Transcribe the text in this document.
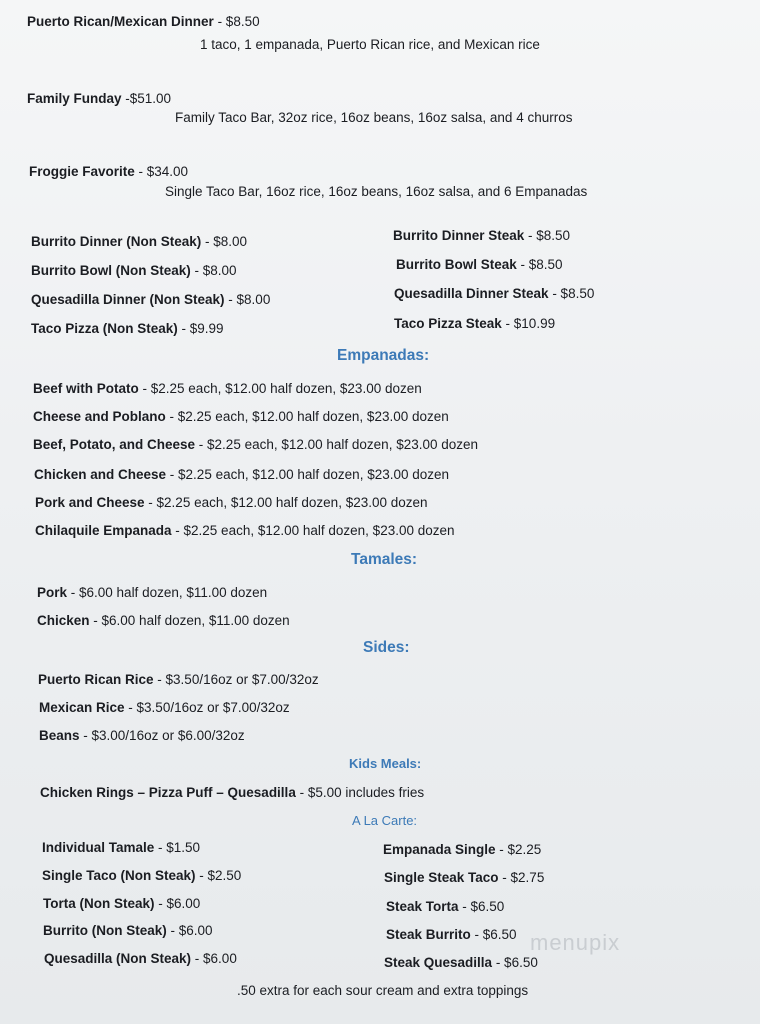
Puerto Rican/Mexican Dinner - $8.50
1 taco, 1 empanada, Puerto Rican rice, and Mexican rice
Family Funday -$51.00
Family Taco Bar, 32oz rice, 16oz beans, 16oz salsa, and 4 churros
Froggie Favorite - $34.00
Single Taco Bar, 16oz rice, 16oz beans, 16oz salsa, and 6 Empanadas
Burrito Dinner (Non Steak) - $8.00
Burrito Bowl (Non Steak) - $8.00
Quesadilla Dinner (Non Steak) - $8.00
Taco Pizza (Non Steak) - $9.99
Burrito Dinner Steak - $8.50
Burrito Bowl Steak - $8.50
Quesadilla Dinner Steak - $8.50
Taco Pizza Steak - $10.99
Empanadas:
Beef with Potato - $2.25 each, $12.00 half dozen, $23.00 dozen
Cheese and Poblano - $2.25 each, $12.00 half dozen, $23.00 dozen
Beef, Potato, and Cheese - $2.25 each, $12.00 half dozen, $23.00 dozen
Chicken and Cheese - $2.25 each, $12.00 half dozen, $23.00 dozen
Pork and Cheese - $2.25 each, $12.00 half dozen, $23.00 dozen
Chilaquile Empanada - $2.25 each, $12.00 half dozen, $23.00 dozen
Tamales:
Pork - $6.00 half dozen, $11.00 dozen
Chicken - $6.00 half dozen, $11.00 dozen
Sides:
Puerto Rican Rice - $3.50/16oz or $7.00/32oz
Mexican Rice - $3.50/16oz or $7.00/32oz
Beans - $3.00/16oz or $6.00/32oz
Kids Meals:
Chicken Rings – Pizza Puff – Quesadilla - $5.00 includes fries
A La Carte:
Individual Tamale - $1.50
Single Taco (Non Steak) - $2.50
Torta (Non Steak) - $6.00
Burrito (Non Steak) - $6.00
Quesadilla (Non Steak) - $6.00
Empanada Single - $2.25
Single Steak Taco - $2.75
Steak Torta - $6.50
Steak Burrito - $6.50
Steak Quesadilla - $6.50
.50 extra for each sour cream and extra toppings
menupix
